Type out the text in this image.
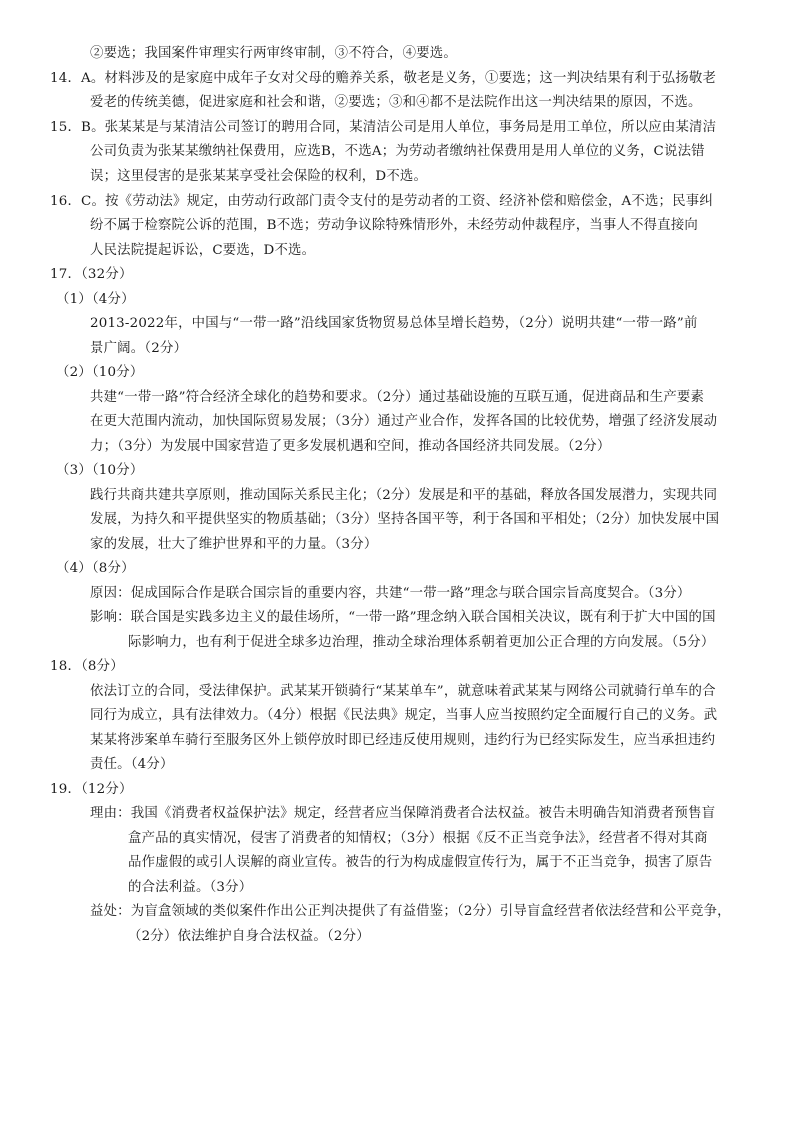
②要选；我国案件审理实行两审终审制，③不符合，④要选。
14．A。材料涉及的是家庭中成年子女对父母的赡养关系，敬老是义务，①要选；这一判决结果有利于弘扬敬老
爱老的传统美德，促进家庭和社会和谐，②要选；③和④都不是法院作出这一判决结果的原因，不选。
15．B。张某某是与某清洁公司签订的聘用合同，某清洁公司是用人单位，事务局是用工单位，所以应由某清洁
公司负责为张某某缴纳社保费用，应选B，不选A；为劳动者缴纳社保费用是用人单位的义务，C说法错
误；这里侵害的是张某某享受社会保险的权利，D不选。
16．C。按《劳动法》规定，由劳动行政部门责令支付的是劳动者的工资、经济补偿和赔偿金，A不选；民事纠
纷不属于检察院公诉的范围，B不选；劳动争议除特殊情形外，未经劳动仲裁程序，当事人不得直接向
人民法院提起诉讼，C要选，D不选。
17．（32分）
（1）（4分）
2013-2022年，中国与“一带一路”沿线国家货物贸易总体呈增长趋势，（2分）说明共建“一带一路”前
景广阔。（2分）
（2）（10分）
共建“一带一路”符合经济全球化的趋势和要求。（2分）通过基础设施的互联互通，促进商品和生产要素
在更大范围内流动，加快国际贸易发展；（3分）通过产业合作，发挥各国的比较优势，增强了经济发展动
力；（3分）为发展中国家营造了更多发展机遇和空间，推动各国经济共同发展。（2分）
（3）（10分）
践行共商共建共享原则，推动国际关系民主化；（2分）发展是和平的基础，释放各国发展潜力，实现共同
发展，为持久和平提供坚实的物质基础；（3分）坚持各国平等，利于各国和平相处；（2分）加快发展中国
家的发展，壮大了维护世界和平的力量。（3分）
（4）（8分）
原因：促成国际合作是联合国宗旨的重要内容，共建“一带一路”理念与联合国宗旨高度契合。（3分）
影响：联合国是实践多边主义的最佳场所，“一带一路”理念纳入联合国相关决议，既有利于扩大中国的国
际影响力，也有利于促进全球多边治理，推动全球治理体系朝着更加公正合理的方向发展。（5分）
18．（8分）
依法订立的合同，受法律保护。武某某开锁骑行“某某单车”，就意味着武某某与网络公司就骑行单车的合
同行为成立，具有法律效力。（4分）根据《民法典》规定，当事人应当按照约定全面履行自己的义务。武
某某将涉案单车骑行至服务区外上锁停放时即已经违反使用规则，违约行为已经实际发生，应当承担违约
责任。（4分）
19．（12分）
理由：我国《消费者权益保护法》规定，经营者应当保障消费者合法权益。被告未明确告知消费者预售盲
盒产品的真实情况，侵害了消费者的知情权；（3分）根据《反不正当竞争法》，经营者不得对其商
品作虚假的或引人误解的商业宣传。被告的行为构成虚假宣传行为，属于不正当竞争，损害了原告
的合法利益。（3分）
益处：为盲盒领域的类似案件作出公正判决提供了有益借鉴；（2分）引导盲盒经营者依法经营和公平竞争，
（2分）依法维护自身合法权益。（2分）
